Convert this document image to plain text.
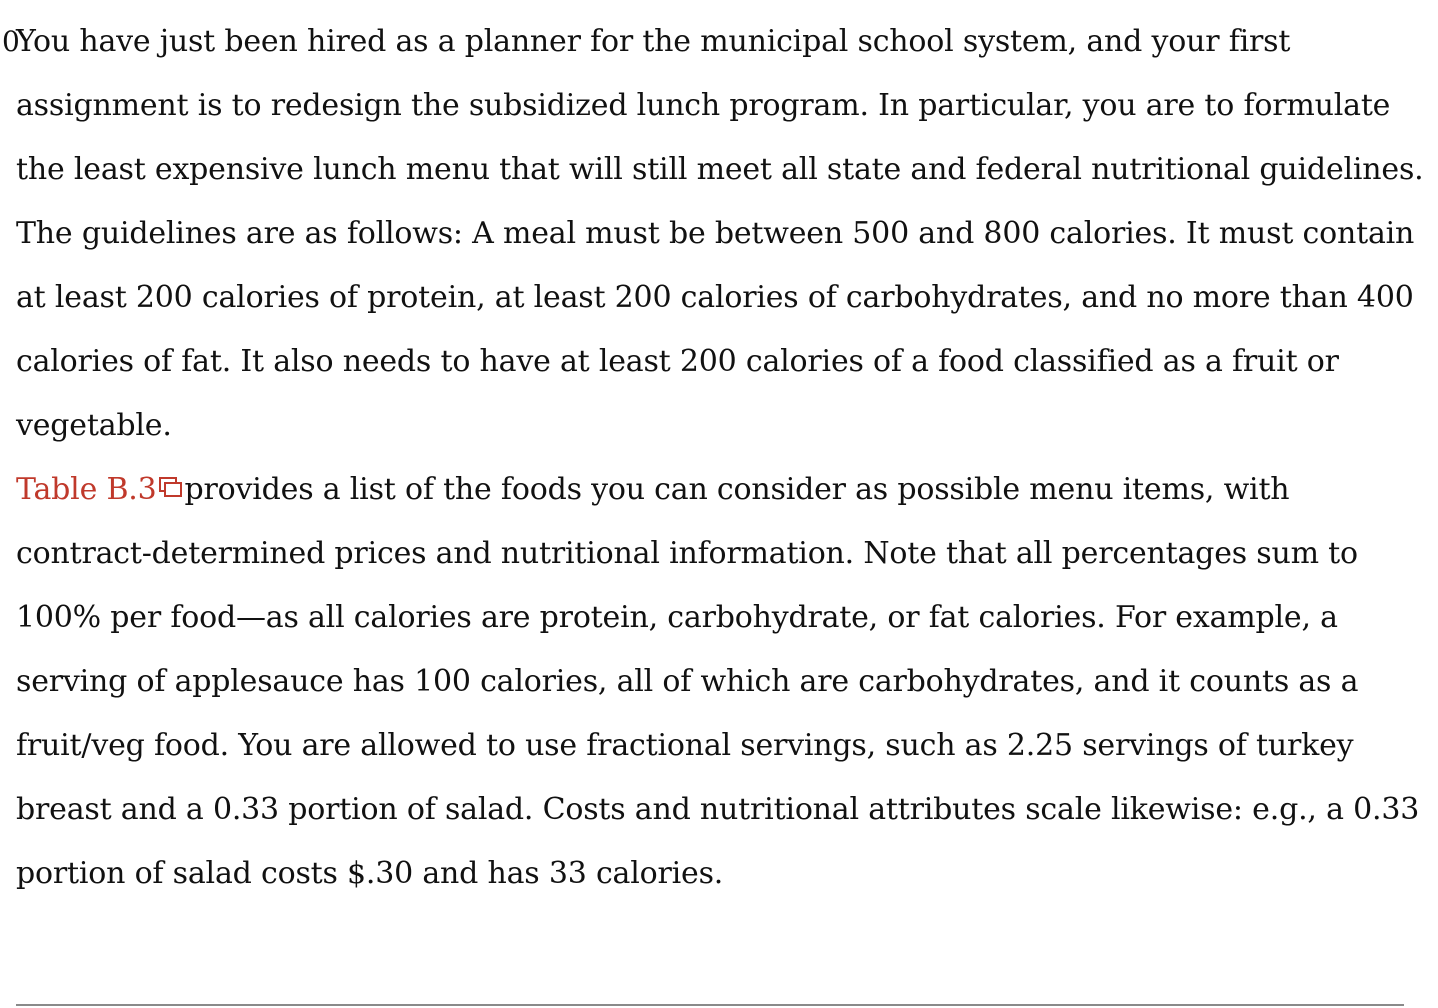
0

You have just been hired as a planner for the municipal school system, and your first assignment is to redesign the subsidized lunch program. In particular, you are to formulate the least expensive lunch menu that will still meet all state and federal nutritional guidelines.

The guidelines are as follows: A meal must be between 500 and 800 calories. It must contain at least 200 calories of protein, at least 200 calories of carbohydrates, and no more than 400 calories of fat. It also needs to have at least 200 calories of a food classified as a fruit or vegetable.

Table B.3 provides a list of the foods you can consider as possible menu items, with contract-determined prices and nutritional information. Note that all percentages sum to 100% per food—as all calories are protein, carbohydrate, or fat calories. For example, a serving of applesauce has 100 calories, all of which are carbohydrates, and it counts as a fruit/veg food. You are allowed to use fractional servings, such as 2.25 servings of turkey breast and a 0.33 portion of salad. Costs and nutritional attributes scale likewise: e.g., a 0.33 portion of salad costs $.30 and has 33 calories.
